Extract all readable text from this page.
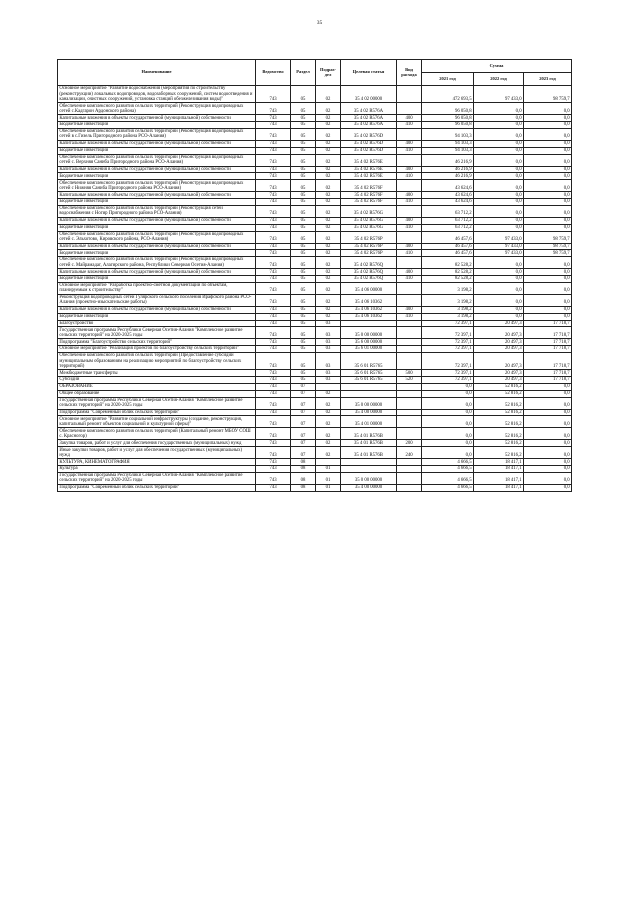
35
Наименование	Ведомство	Раздел	Подраз-дел	Целевая статья	Вид расхода	Сумма		
						2021 год	2022 год	2023 год
Основное мероприятие "Развитие водоснабжения (мероприятия по строительству (реконструкции) локальных водопроводов, водозаборных сооружений, систем водоотведения и канализации, очистных сооружений, установка станций обезжелезивания воды)"	743	05	02	35 4 02 00000		472 693,5	97 433,0	98 759,7
Обеспечение комплексного развития сельских территорий (Реконструкция водопроводных сетей с.Кадгарон Ардонского района)	743	05	02	35 4 02 R576A		96 050,8	0,0	0,0
Капитальные вложения в объекты государственной (муниципальной) собственности	743	05	02	35 4 02 R576A	400	96 050,8	0,0	0,0
Бюджетные инвестиции	743	05	02	35 4 02 R576A	410	96 050,8	0,0	0,0
Обеспечение комплексного развития сельских территорий (Реконструкция водопроводных сетей в с.Гизель Пригородного района РСО-Алания)	743	05	02	35 4 02 R576D		94 103,3	0,0	0,0
Капитальные вложения в объекты государственной (муниципальной) собственности	743	05	02	35 4 02 R576D	400	94 103,3	0,0	0,0
Бюджетные инвестиции	743	05	02	35 4 02 R576D	410	94 103,3	0,0	0,0
Обеспечение комплексного развития сельских территорий (Реконструкция водопроводных сетей с. Верхняя Саниба Пригородного района РСО-Алания)	743	05	02	35 4 02 R576E		46 216,9	0,0	0,0
Капитальные вложения в объекты государственной (муниципальной) собственности	743	05	02	35 4 02 R576E	400	46 216,9	0,0	0,0
Бюджетные инвестиции	743	05	02	35 4 02 R576E	410	46 216,9	0,0	0,0
Обеспечение комплексного развития сельских территорий (Реконструкция водопроводных сетей с Нижняя Саниба Пригородного района РСО-Алания)	743	05	02	35 4 02 R576F		43 624,6	0,0	0,0
Капитальные вложения в объекты государственной (муниципальной) собственности	743	05	02	35 4 02 R576F	400	43 624,6	0,0	0,0
Бюджетные инвестиции	743	05	02	35 4 02 R576F	410	43 624,6	0,0	0,0
Обеспечение комплексного развития сельских территорий (Реконструкция сетей водоснабжения с Ногир Пригородного района РСО-Алания)	743	05	02	35 4 02 R576G		63 712,2	0,0	0,0
Капитальные вложения в объекты государственной (муниципальной) собственности	743	05	02	35 4 02 R576G	400	63 712,2	0,0	0,0
Бюджетные инвестиции	743	05	02	35 4 02 R576G	410	63 712,2	0,0	0,0
Обеспечение комплексного развития сельских территорий (Реконструкция водопроводных сетей с. Эльхотово, Кировского района, РСО-Алания)	743	05	02	35 4 02 R576P		46 457,6	97 433,0	98 759,7
Капитальные вложения в объекты государственной (муниципальной) собственности	743	05	02	35 4 02 R576P	400	46 457,6	97 433,0	98 759,7
Бюджетные инвестиции	743	05	02	35 4 02 R576P	410	46 457,6	97 433,0	98 759,7
Обеспечение комплексного развития сельских территорий (Реконструкция водопроводных сетей с. Майрамадаг, Алагирского района, Республики Северная Осетия-Алания)	743	05	02	35 4 02 R576Q		82 528,2	0,0	0,0
Капитальные вложения в объекты государственной (муниципальной) собственности	743	05	02	35 4 02 R576Q	400	82 528,2	0,0	0,0
Бюджетные инвестиции	743	05	02	35 4 02 R576Q	410	82 528,2	0,0	0,0
Основное мероприятие "Разработка проектно-сметной документации по объектам, планируемым к строительству"	743	05	02	35 4 06 00000		3 198,2	0,0	0,0
Реконструкция водопроводных сетей Гулярского сельского поселения Ирафского района РСО-Алания (проектно-изыскательские работы)	743	05	02	35 4 06 10362		3 198,2	0,0	0,0
Капитальные вложения в объекты государственной (муниципальной) собственности	743	05	02	35 4 06 10362	400	3 198,2	0,0	0,0
Бюджетные инвестиции	743	05	02	35 4 06 10362	410	3 198,2	0,0	0,0
Благоустройство	743	05	03			72 397,1	20 497,3	17 718,7
Государственная программа Республики Северная Осетия-Алания "Комплексное развитие сельских территорий" на 2020-2025 годы	743	05	03	35 0 00 00000		72 397,1	20 497,3	17 718,7
Подпрограмма "Благоустройство сельских территорий"	743	05	03	35 6 00 00000		72 397,1	20 497,3	17 718,7
Основное мероприятие "Реализация проектов по благоустройству сельских территорий"	743	05	03	35 6 01 00000		72 397,1	20 497,3	17 718,7
Обеспечение комплексного развития сельских территорий (Предоставление субсидий муниципальным образованиям на реализацию мероприятий по благоустройству сельских территорий)	743	05	03	35 6 01 R5765		72 397,1	20 497,3	17 718,7
Межбюджетные трансферты	743	05	03	35 6 01 R5765	500	72 397,1	20 497,3	17 718,7
Субсидии	743	05	03	35 6 01 R5765	520	72 397,1	20 497,3	17 718,7
ОБРАЗОВАНИЕ	743	07				0,0	52 816,2	0,0
Общее образование	743	07	02			0,0	52 816,2	0,0
Государственная программа Республики Северная Осетия-Алания "Комплексное развитие сельских территорий" на 2020-2025 годы	743	07	02	35 0 00 00000		0,0	52 816,2	0,0
Подпрограмма "Современный облик сельских территорий"	743	07	02	35 4 00 00000		0,0	52 816,2	0,0
Основное мероприятие "Развитие социальной инфраструктуры (создание, реконструкция, капитальный ремонт объектов социальной и культурной сферы)"	743	07	02	35 4 01 00000		0,0	52 816,2	0,0
Обеспечение комплексного развития сельских территорий (Капитальный ремонт МБОУ СОШ с. Красногор)	743	07	02	35 4 01 R576B		0,0	52 816,2	0,0
Закупка товаров, работ и услуг для обеспечения государственных (муниципальных) нужд	743	07	02	35 4 01 R576B	200	0,0	52 816,2	0,0
Иные закупки товаров, работ и услуг для обеспечения государственных (муниципальных) нужд	743	07	02	35 4 01 R576B	240	0,0	52 816,2	0,0
КУЛЬТУРА, КИНЕМАТОГРАФИЯ	743	08				4 666,5	18 417,1	0,0
Культура	743	08	01			4 666,5	18 417,1	0,0
Государственная программа Республики Северная Осетия-Алания "Комплексное развитие сельских территорий" на 2020-2025 годы	743	08	01	35 0 00 00000		4 666,5	18 417,1	0,0
Подпрограмма "Современный облик сельских территорий"	743	08	01	35 4 00 00000		4 666,5	18 417,1	0,0
